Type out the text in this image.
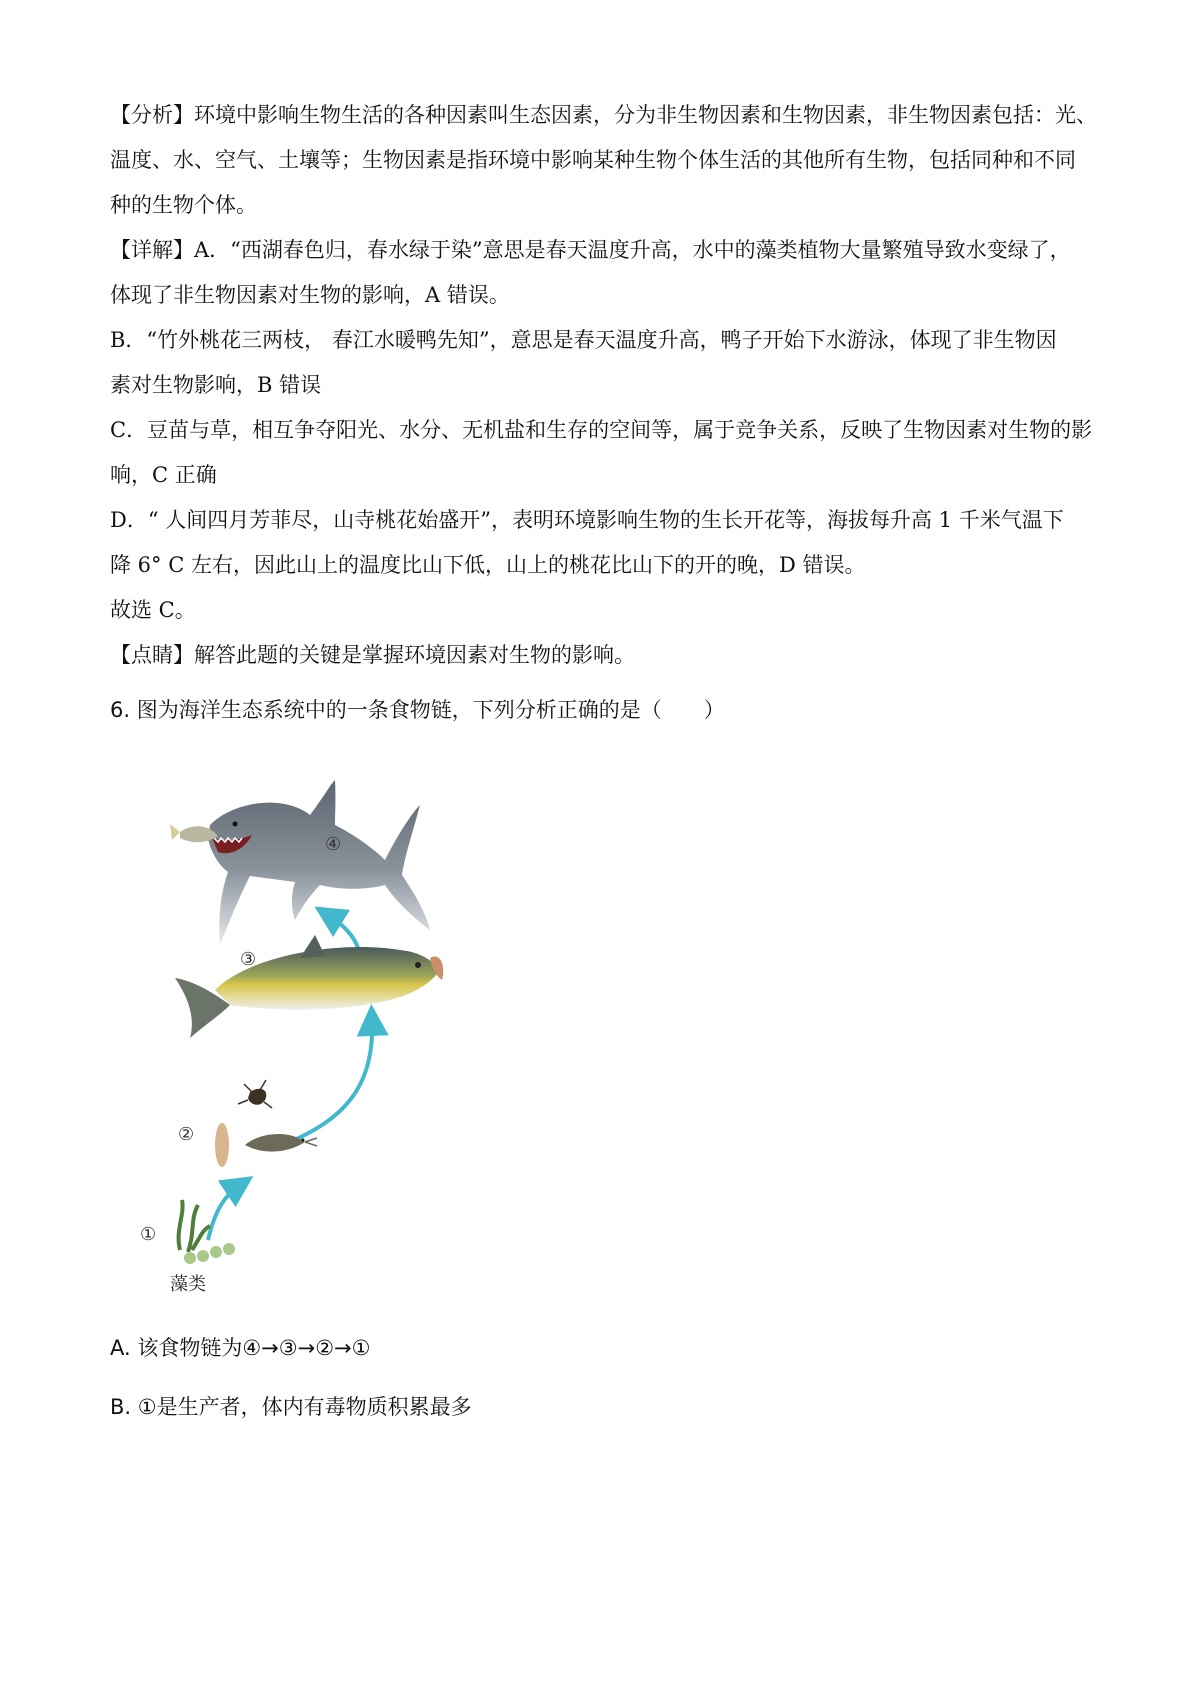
【分析】环境中影响生物生活的各种因素叫生态因素，分为非生物因素和生物因素，非生物因素包括：光、
温度、水、空气、土壤等；生物因素是指环境中影响某种生物个体生活的其他所有生物，包括同种和不同
种的生物个体。
【详解】A．“西湖春色归，春水绿于染”意思是春天温度升高，水中的藻类植物大量繁殖导致水变绿了，
体现了非生物因素对生物的影响，A 错误。
B．“竹外桃花三两枝， 春江水暖鸭先知”，意思是春天温度升高，鸭子开始下水游泳，体现了非生物因
素对生物影响，B 错误
C．豆苗与草，相互争夺阳光、水分、无机盐和生存的空间等，属于竞争关系，反映了生物因素对生物的影
响，C 正确
D．“ 人间四月芳菲尽，山寺桃花始盛开”，表明环境影响生物的生长开花等，海拔每升高 1 千米气温下
降 6° C 左右，因此山上的温度比山下低，山上的桃花比山下的开的晚，D 错误。
故选 C。
【点睛】解答此题的关键是掌握环境因素对生物的影响。
6. 图为海洋生态系统中的一条食物链，下列分析正确的是（　　）
④
③
②
①
藻类
A. 该食物链为④→③→②→①
B. ①是生产者，体内有毒物质积累最多
